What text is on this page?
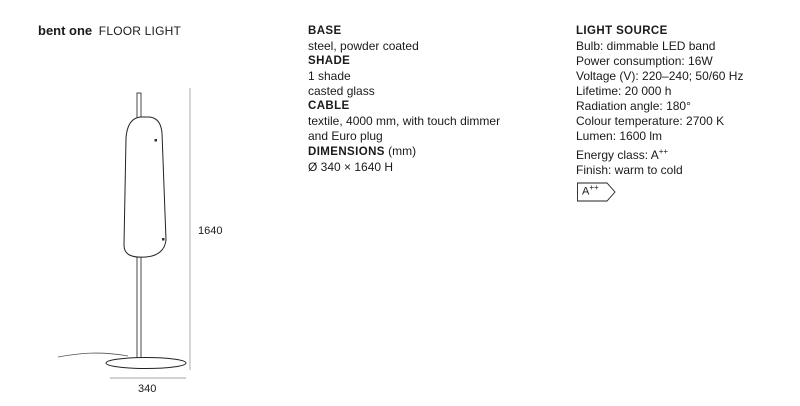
bent one FLOOR LIGHT
1640
340
BASE
steel, powder coated
SHADE
1 shade
casted glass
CABLE
textile, 4000 mm, with touch dimmer
and Euro plug
DIMENSIONS (mm)
Ø 340 × 1640 H
LIGHT SOURCE
Bulb: dimmable LED band
Power consumption: 16W
Voltage (V): 220–240; 50/60 Hz
Lifetime: 20 000 h
Radiation angle: 180°
Colour temperature: 2700 K
Lumen: 1600 lm
Energy class: A++
Finish: warm to cold
A++
